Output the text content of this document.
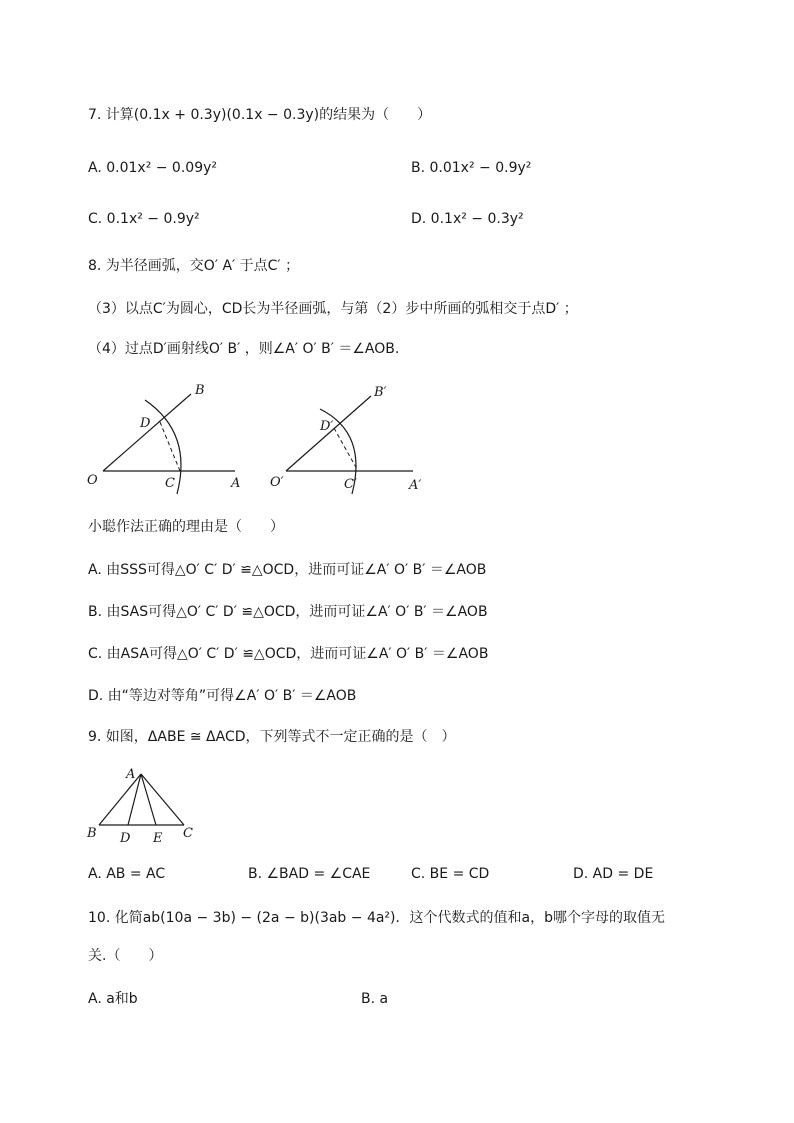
7. 计算(0.1x + 0.3y)(0.1x − 0.3y)的结果为（　　）
A. 0.01x² − 0.09y²	B. 0.01x² − 0.9y²
C. 0.1x² − 0.9y²	D. 0.1x² − 0.3y²
8. 为半径画弧，交O′ A′ 于点C′ ；
（3）以点C′为圆心，CD长为半径画弧，与第（2）步中所画的弧相交于点D′ ；
（4）过点D′画射线O′ B′ ，则∠A′ O′ B′ ＝∠AOB.
O	A
B
C
D
O′	A′
B′
C′
D′
小聪作法正确的理由是（　　）
A. 由SSS可得△O′ C′ D′ ≌△OCD，进而可证∠A′ O′ B′ ＝∠AOB
B. 由SAS可得△O′ C′ D′ ≌△OCD，进而可证∠A′ O′ B′ ＝∠AOB
C. 由ASA可得△O′ C′ D′ ≌△OCD，进而可证∠A′ O′ B′ ＝∠AOB
D. 由“等边对等角”可得∠A′ O′ B′ ＝∠AOB
9. 如图，ΔABE ≅ ΔACD，下列等式不一定正确的是（　）
A
B D E C
A. AB = AC	B. ∠BAD = ∠CAE	C. BE = CD	D. AD = DE
10. 化简ab(10a − 3b) − (2a − b)(3ab − 4a²)．这个代数式的值和a，b哪个字母的取值无
关.（　　）
A. a和b	B. a
